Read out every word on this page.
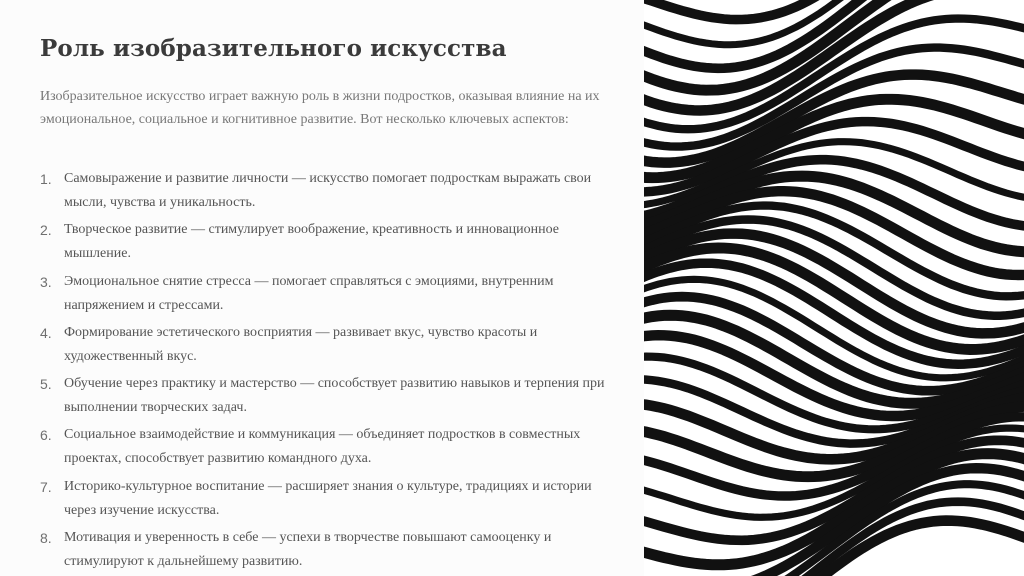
Роль изобразительного искусства

Изобразительное искусство играет важную роль в жизни подростков, оказывая влияние на их эмоциональное, социальное и когнитивное развитие. Вот несколько ключевых аспектов:

1. Самовыражение и развитие личности — искусство помогает подросткам выражать свои мысли, чувства и уникальность.
2. Творческое развитие — стимулирует воображение, креативность и инновационное мышление.
3. Эмоциональное снятие стресса — помогает справляться с эмоциями, внутренним напряжением и стрессами.
4. Формирование эстетического восприятия — развивает вкус, чувство красоты и художественный вкус.
5. Обучение через практику и мастерство — способствует развитию навыков и терпения при выполнении творческих задач.
6. Социальное взаимодействие и коммуникация — объединяет подростков в совместных проектах, способствует развитию командного духа.
7. Историко-культурное воспитание — расширяет знания о культуре, традициях и истории через изучение искусства.
8. Мотивация и уверенность в себе — успехи в творчестве повышают самооценку и стимулируют к дальнейшему развитию.
